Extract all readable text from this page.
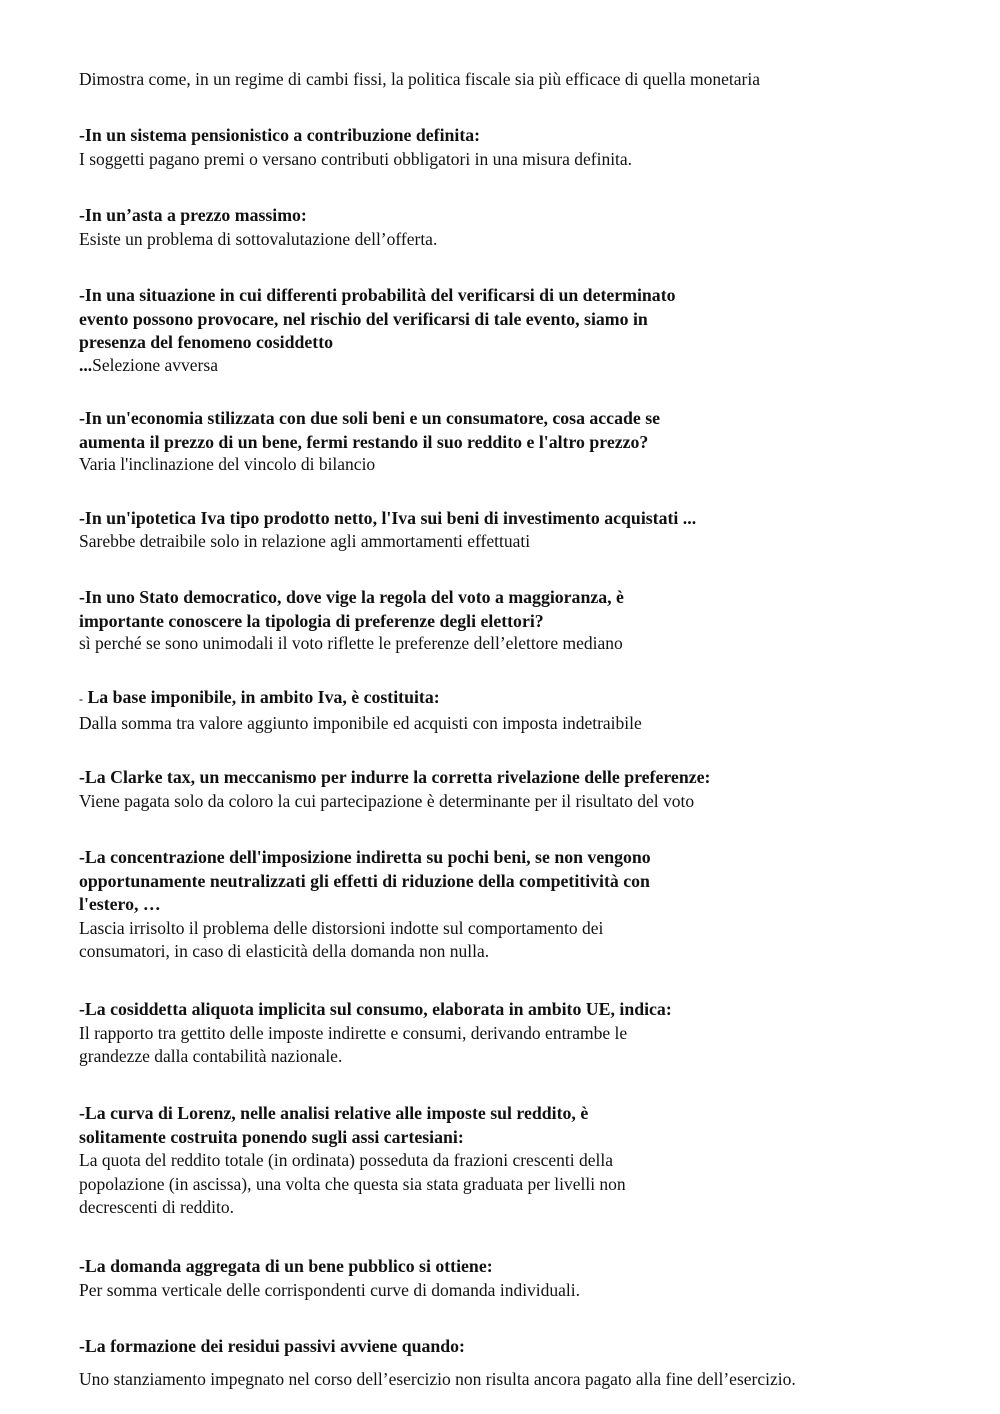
Dimostra come, in un regime di cambi fissi, la politica fiscale sia più efficace di quella monetaria
-In un sistema pensionistico a contribuzione definita:
I soggetti pagano premi o versano contributi obbligatori in una misura definita.
-In un’asta a prezzo massimo:
Esiste un problema di sottovalutazione dell’offerta.
-In una situazione in cui differenti probabilità del verificarsi di un determinato
evento possono provocare, nel rischio del verificarsi di tale evento, siamo in
presenza del fenomeno cosiddetto
...Selezione avversa
-In un'economia stilizzata con due soli beni e un consumatore, cosa accade se
aumenta il prezzo di un bene, fermi restando il suo reddito e l'altro prezzo?
Varia l'inclinazione del vincolo di bilancio
-In un'ipotetica Iva tipo prodotto netto, l'Iva sui beni di investimento acquistati ...
Sarebbe detraibile solo in relazione agli ammortamenti effettuati
-In uno Stato democratico, dove vige la regola del voto a maggioranza, è
importante conoscere la tipologia di preferenze degli elettori?
sì perché se sono unimodali il voto riflette le preferenze dell’elettore mediano
- La base imponibile, in ambito Iva, è costituita:
Dalla somma tra valore aggiunto imponibile ed acquisti con imposta indetraibile
-La Clarke tax, un meccanismo per indurre la corretta rivelazione delle preferenze:
Viene pagata solo da coloro la cui partecipazione è determinante per il risultato del voto
-La concentrazione dell'imposizione indiretta su pochi beni, se non vengono
opportunamente neutralizzati gli effetti di riduzione della competitività con
l'estero, …
Lascia irrisolto il problema delle distorsioni indotte sul comportamento dei
consumatori, in caso di elasticità della domanda non nulla.
-La cosiddetta aliquota implicita sul consumo, elaborata in ambito UE, indica:
Il rapporto tra gettito delle imposte indirette e consumi, derivando entrambe le
grandezze dalla contabilità nazionale.
-La curva di Lorenz, nelle analisi relative alle imposte sul reddito, è
solitamente costruita ponendo sugli assi cartesiani:
La quota del reddito totale (in ordinata) posseduta da frazioni crescenti della
popolazione (in ascissa), una volta che questa sia stata graduata per livelli non
decrescenti di reddito.
-La domanda aggregata di un bene pubblico si ottiene:
Per somma verticale delle corrispondenti curve di domanda individuali.
-La formazione dei residui passivi avviene quando:
Uno stanziamento impegnato nel corso dell’esercizio non risulta ancora pagato alla fine dell’esercizio.
